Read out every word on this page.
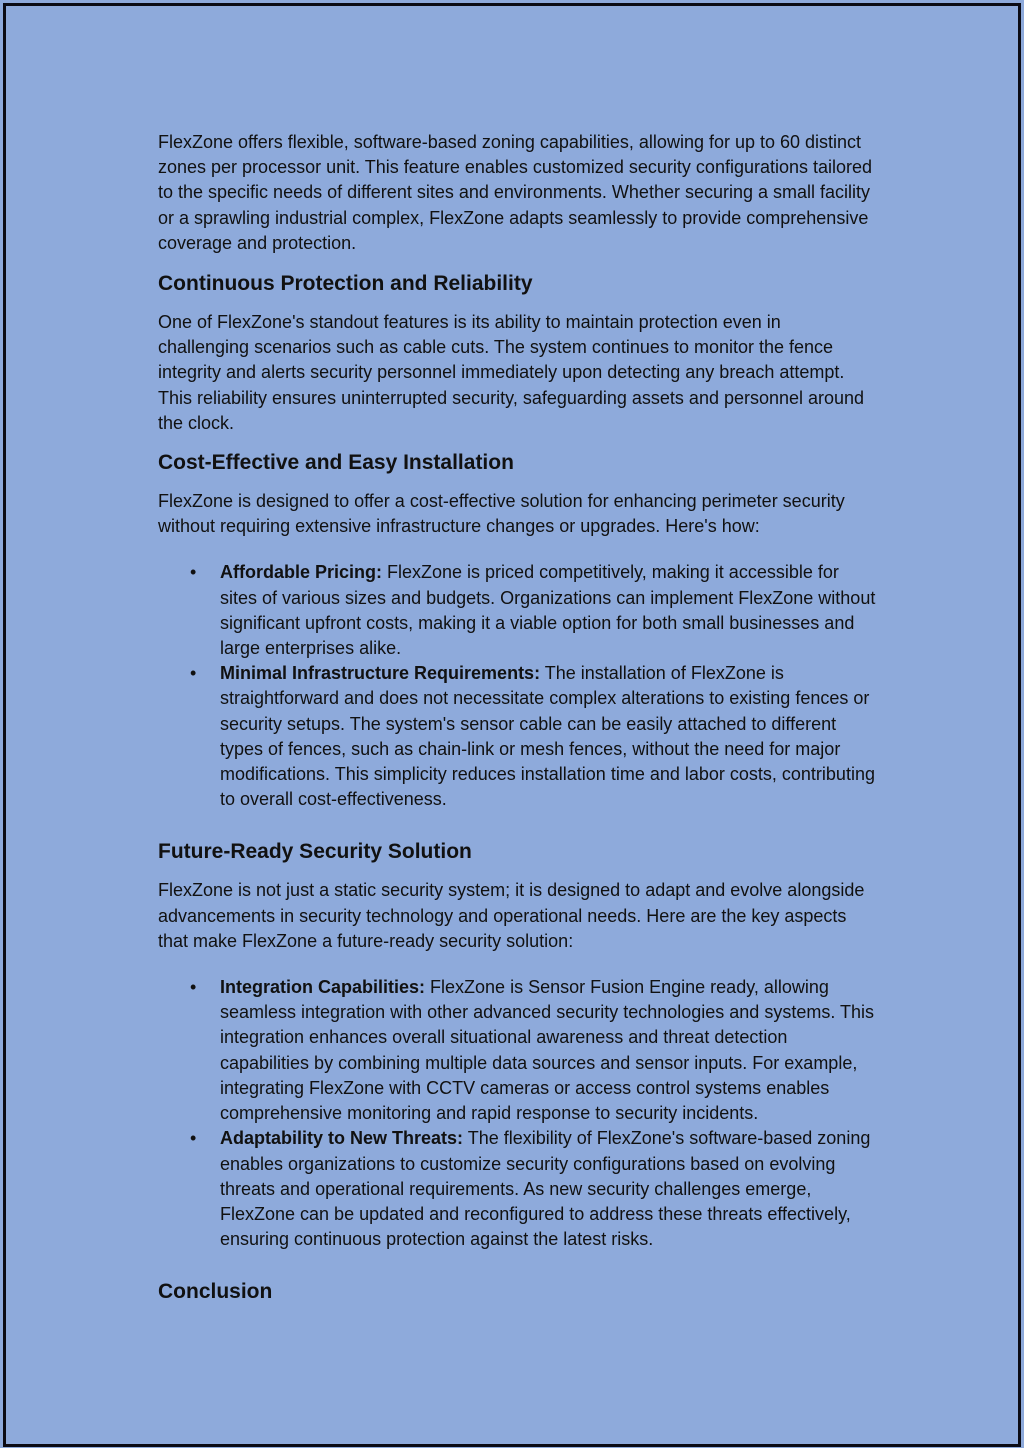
FlexZone offers flexible, software-based zoning capabilities, allowing for up to 60 distinct zones per processor unit. This feature enables customized security configurations tailored to the specific needs of different sites and environments. Whether securing a small facility or a sprawling industrial complex, FlexZone adapts seamlessly to provide comprehensive coverage and protection.

Continuous Protection and Reliability

One of FlexZone's standout features is its ability to maintain protection even in challenging scenarios such as cable cuts. The system continues to monitor the fence integrity and alerts security personnel immediately upon detecting any breach attempt. This reliability ensures uninterrupted security, safeguarding assets and personnel around the clock.

Cost-Effective and Easy Installation

FlexZone is designed to offer a cost-effective solution for enhancing perimeter security without requiring extensive infrastructure changes or upgrades. Here's how:

• Affordable Pricing: FlexZone is priced competitively, making it accessible for sites of various sizes and budgets. Organizations can implement FlexZone without significant upfront costs, making it a viable option for both small businesses and large enterprises alike.
• Minimal Infrastructure Requirements: The installation of FlexZone is straightforward and does not necessitate complex alterations to existing fences or security setups. The system's sensor cable can be easily attached to different types of fences, such as chain-link or mesh fences, without the need for major modifications. This simplicity reduces installation time and labor costs, contributing to overall cost-effectiveness.
Future-Ready Security Solution

FlexZone is not just a static security system; it is designed to adapt and evolve alongside advancements in security technology and operational needs. Here are the key aspects that make FlexZone a future-ready security solution:

• Integration Capabilities: FlexZone is Sensor Fusion Engine ready, allowing seamless integration with other advanced security technologies and systems. This integration enhances overall situational awareness and threat detection capabilities by combining multiple data sources and sensor inputs. For example, integrating FlexZone with CCTV cameras or access control systems enables comprehensive monitoring and rapid response to security incidents.
• Adaptability to New Threats: The flexibility of FlexZone's software-based zoning enables organizations to customize security configurations based on evolving threats and operational requirements. As new security challenges emerge, FlexZone can be updated and reconfigured to address these threats effectively, ensuring continuous protection against the latest risks.
Conclusion
